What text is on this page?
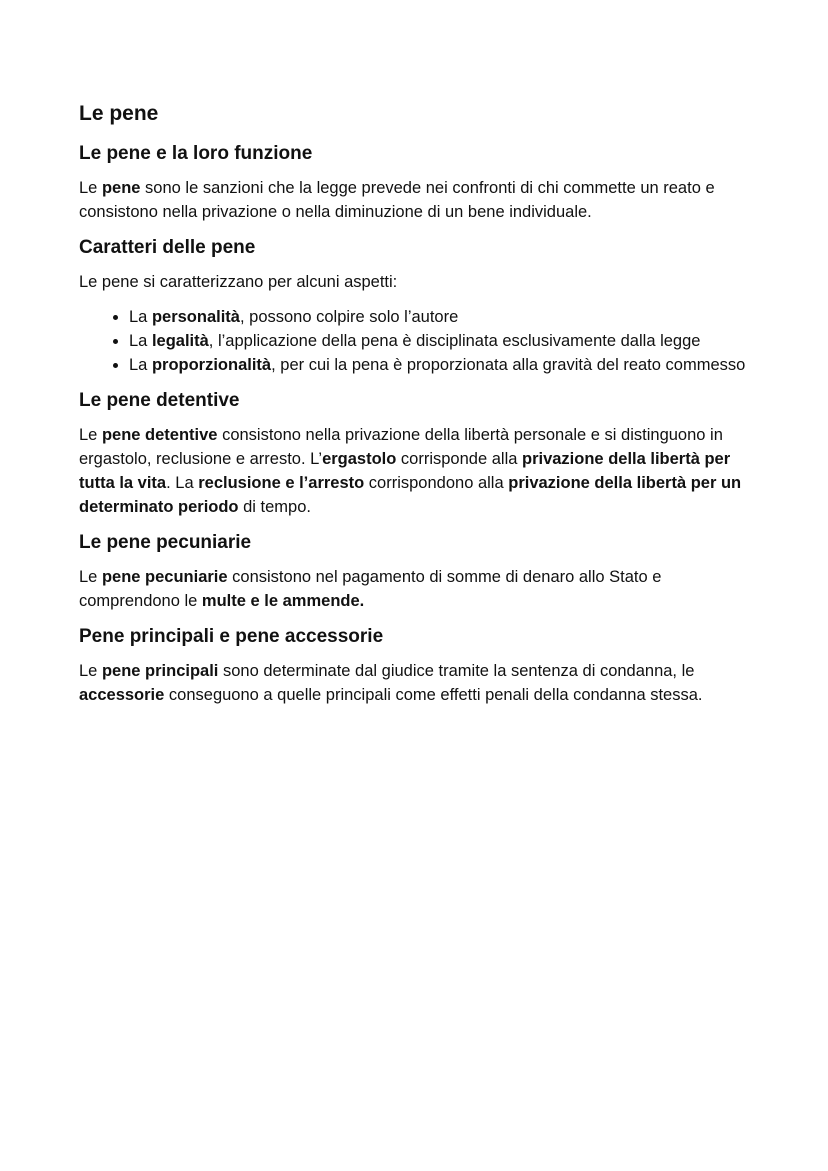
Le pene
Le pene e la loro funzione

Le pene sono le sanzioni che la legge prevede nei confronti di chi commette un reato e consistono nella privazione o nella diminuzione di un bene individuale.

Caratteri delle pene

Le pene si caratterizzano per alcuni aspetti:

• La personalità, possono colpire solo l’autore
• La legalità, l’applicazione della pena è disciplinata esclusivamente dalla legge
• La proporzionalità, per cui la pena è proporzionata alla gravità del reato commesso
Le pene detentive

Le pene detentive consistono nella privazione della libertà personale e si distinguono in ergastolo, reclusione e arresto. L’ergastolo corrisponde alla privazione della libertà per tutta la vita. La reclusione e l’arresto corrispondono alla privazione della libertà per un determinato periodo di tempo.

Le pene pecuniarie

Le pene pecuniarie consistono nel pagamento di somme di denaro allo Stato e comprendono le multe e le ammende.

Pene principali e pene accessorie

Le pene principali sono determinate dal giudice tramite la sentenza di condanna, le accessorie conseguono a quelle principali come effetti penali della condanna stessa.
